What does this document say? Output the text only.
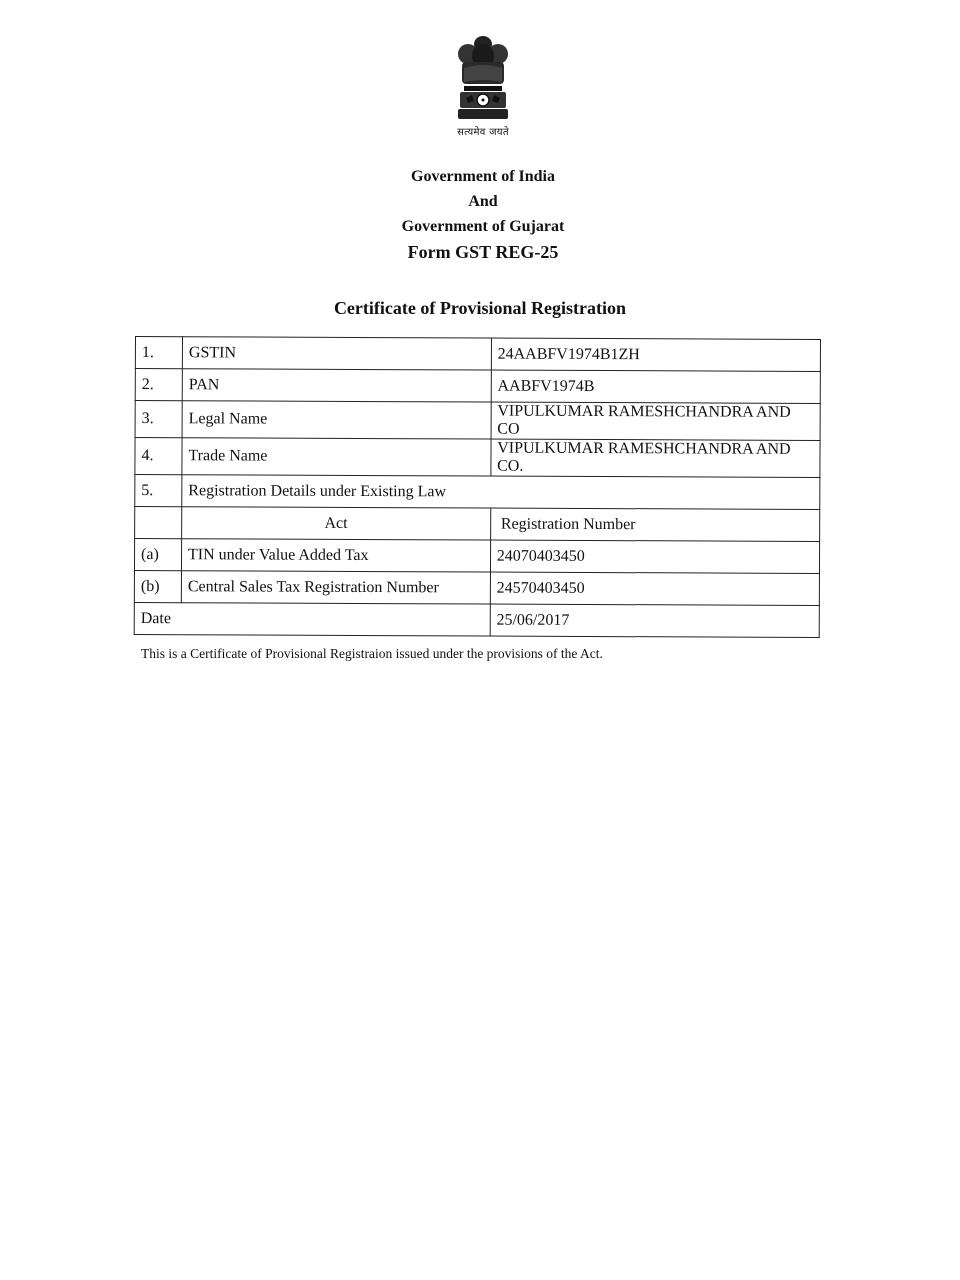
सत्यमेव जयते
Government of India
And
Government of Gujarat
Form GST REG-25
Certificate of Provisional Registration
1.	GSTIN	24AABFV1974B1ZH
2.	PAN	AABFV1974B
3.	Legal Name	VIPULKUMAR RAMESHCHANDRA AND CO
4.	Trade Name	VIPULKUMAR RAMESHCHANDRA AND CO.
5.	Registration Details under Existing Law	
	Act	Registration Number
(a)	TIN under Value Added Tax	24070403450
(b)	Central Sales Tax Registration Number	24570403450
Date		25/06/2017
This is a Certificate of Provisional Registraion issued under the provisions of the Act.
